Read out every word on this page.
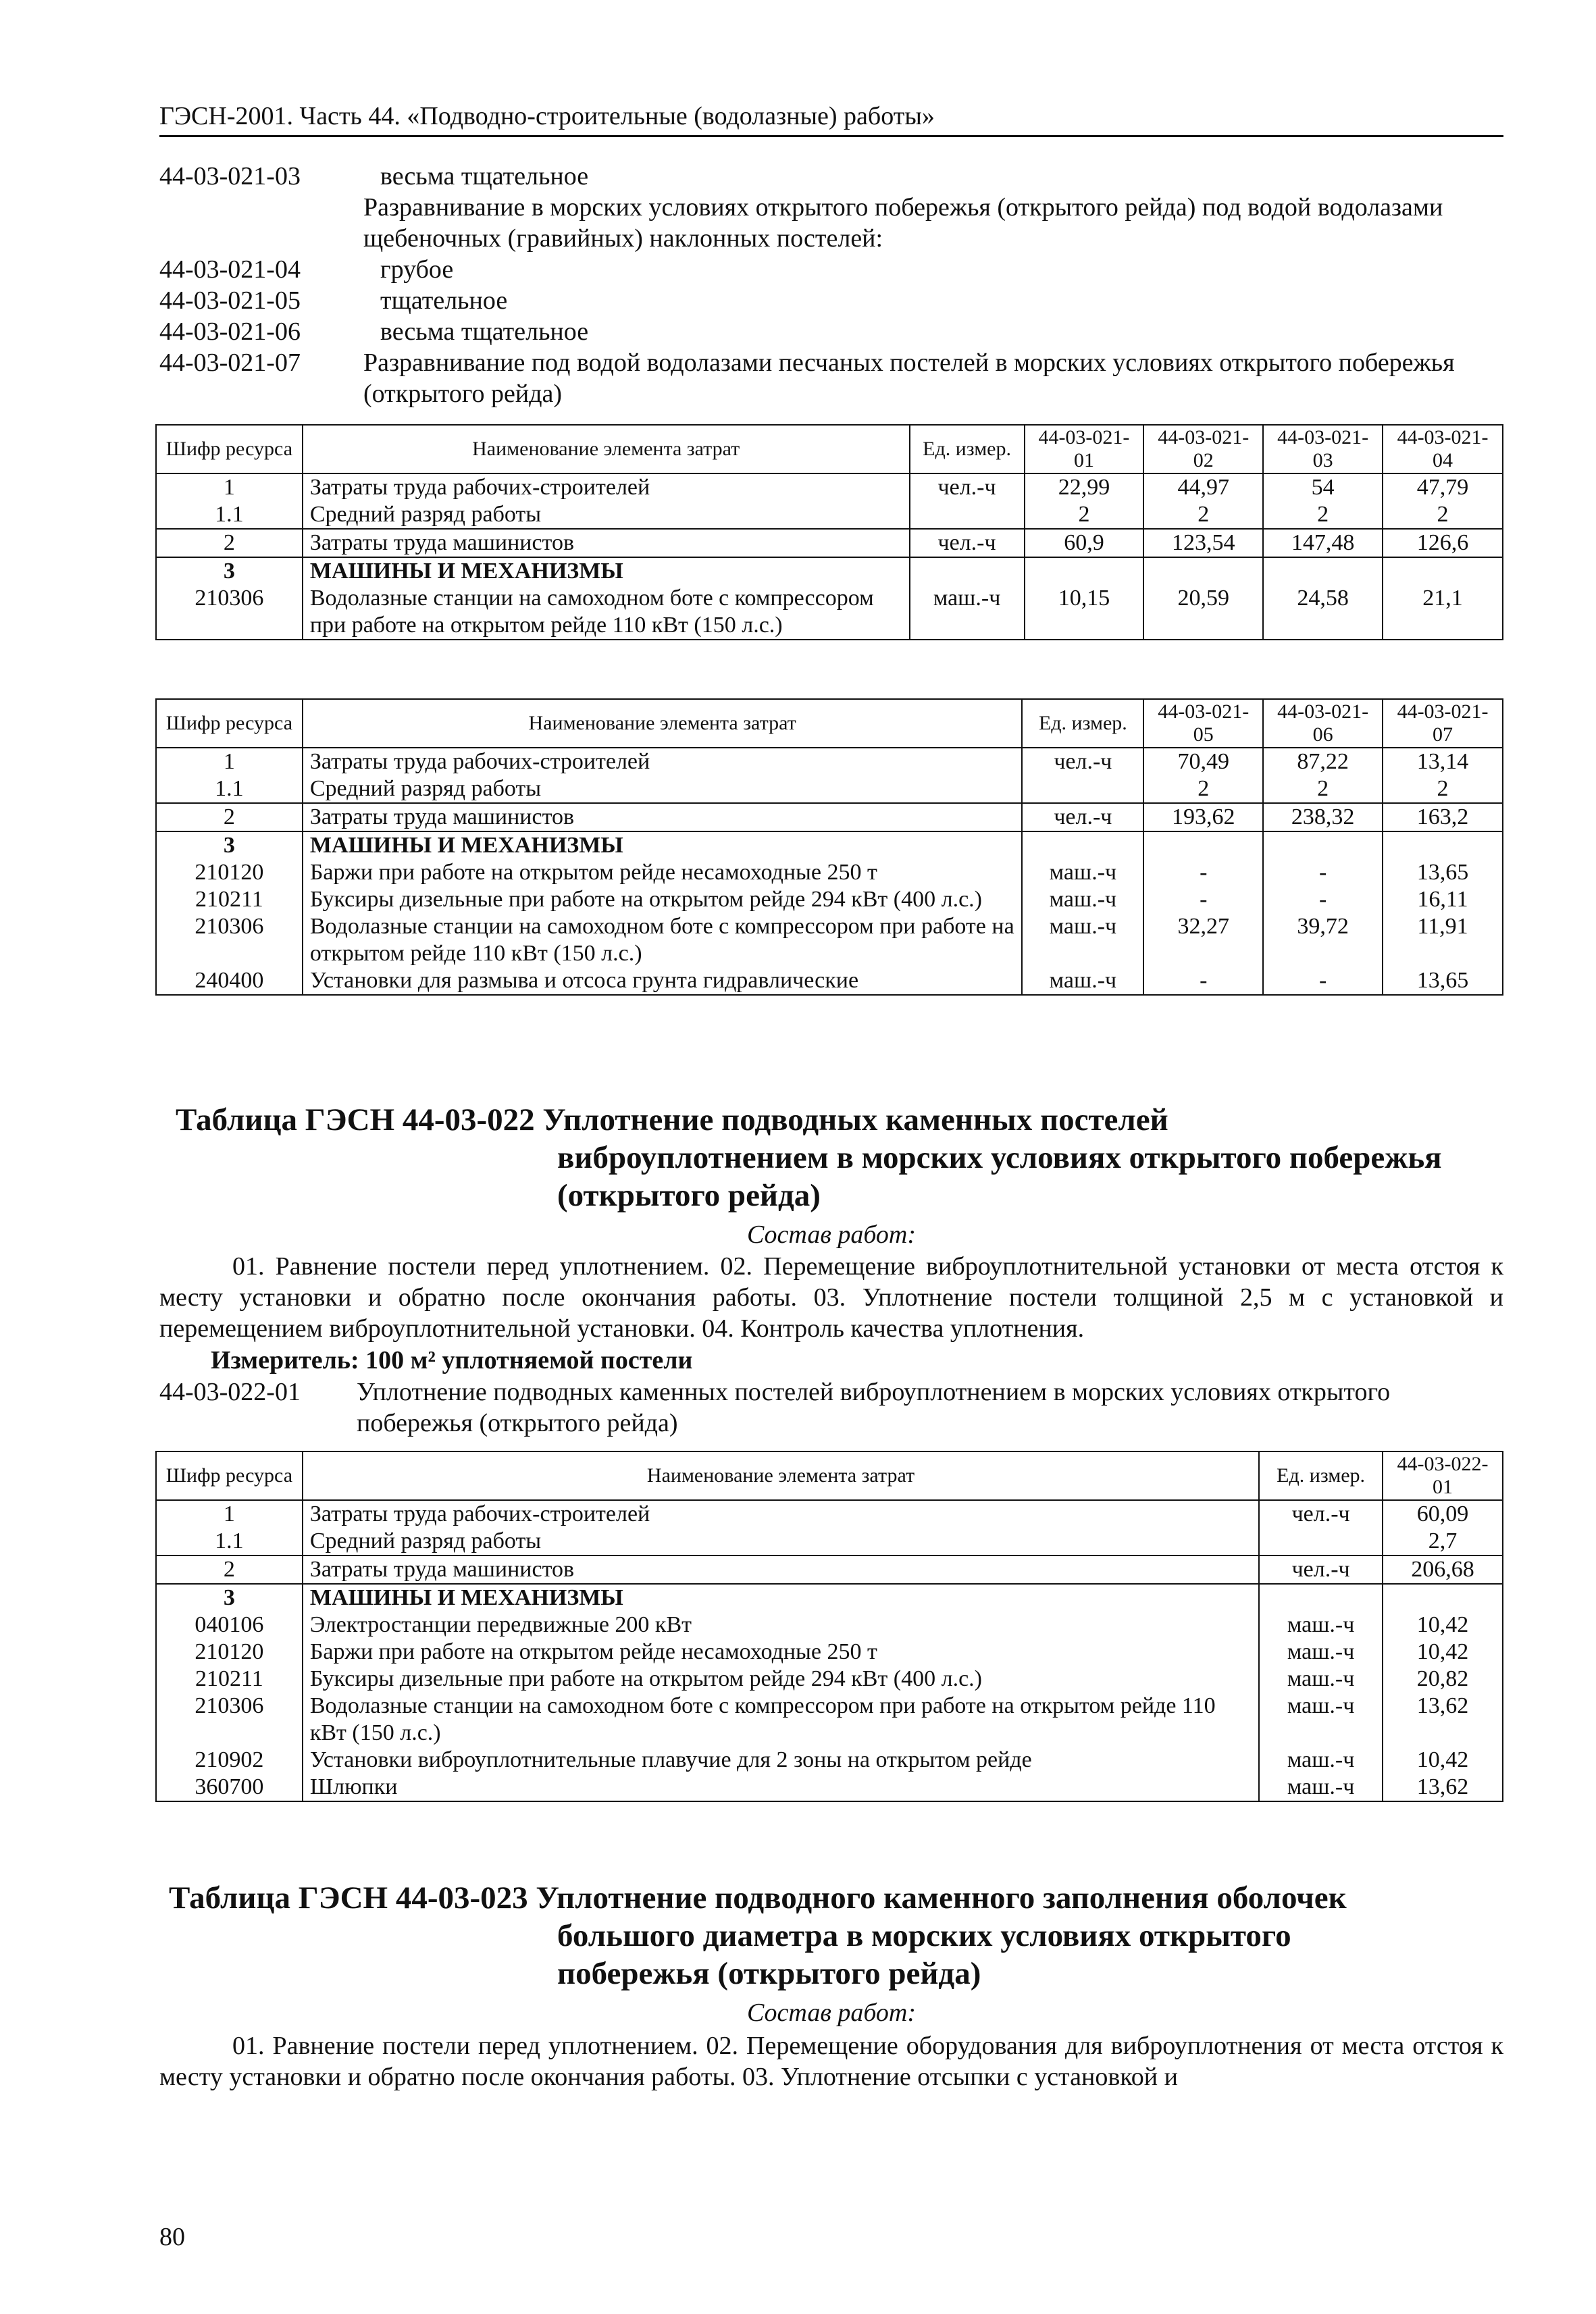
ГЭСН-2001. Часть 44. «Подводно-строительные (водолазные) работы»
44-03-021-03	весьма тщательное
Разравнивание в морских условиях открытого побережья (открытого рейда) под водой водолазами щебеночных (гравийных) наклонных постелей:
44-03-021-04	грубое
44-03-021-05	тщательное
44-03-021-06	весьма тщательное
44-03-021-07	Разравнивание под водой водолазами песчаных постелей в морских условиях открытого побережья (открытого рейда)
Шифр ресурса	Наименование элемента затрат	Ед. измер.	44-03-021-01	44-03-021-02	44-03-021-03	44-03-021-04
1	Затраты труда рабочих-строителей	чел.-ч	22,99	44,97	54	47,79
1.1	Средний разряд работы		2	2	2	2
2	Затраты труда машинистов	чел.-ч	60,9	123,54	147,48	126,6
3	МАШИНЫ И МЕХАНИЗМЫ					
210306	Водолазные станции на самоходном боте с компрессором при работе на открытом рейде 110 кВт (150 л.с.)	маш.-ч	10,15	20,59	24,58	21,1
Шифр ресурса	Наименование элемента затрат	Ед. измер.	44-03-021-05	44-03-021-06	44-03-021-07
1	Затраты труда рабочих-строителей	чел.-ч	70,49	87,22	13,14
1.1	Средний разряд работы		2	2	2
2	Затраты труда машинистов	чел.-ч	193,62	238,32	163,2
3	МАШИНЫ И МЕХАНИЗМЫ				
210120	Баржи при работе на открытом рейде несамоходные 250 т	маш.-ч	-	-	13,65
210211	Буксиры дизельные при работе на открытом рейде 294 кВт (400 л.с.)	маш.-ч	-	-	16,11
210306	Водолазные станции на самоходном боте с компрессором при работе на открытом рейде 110 кВт (150 л.с.)	маш.-ч	32,27	39,72	11,91
240400	Установки для размыва и отсоса грунта гидравлические	маш.-ч	-	-	13,65
Таблица ГЭСН 44-03-022 Уплотнение подводных каменных постелей
виброуплотнением в морских условиях открытого побережья
(открытого рейда)
Состав работ:
01. Равнение постели перед уплотнением. 02. Перемещение виброуплотнительной установки от места отстоя к месту установки и обратно после окончания работы. 03. Уплотнение постели толщиной 2,5 м с установкой и перемещением виброуплотнительной установки. 04. Контроль качества уплотнения.
Измеритель: 100 м² уплотняемой постели
44-03-022-01	Уплотнение подводных каменных постелей виброуплотнением в морских условиях открытого побережья (открытого рейда)
Шифр ресурса	Наименование элемента затрат	Ед. измер.	44-03-022-01
1	Затраты труда рабочих-строителей	чел.-ч	60,09
1.1	Средний разряд работы		2,7
2	Затраты труда машинистов	чел.-ч	206,68
3	МАШИНЫ И МЕХАНИЗМЫ		
040106	Электростанции передвижные 200 кВт	маш.-ч	10,42
210120	Баржи при работе на открытом рейде несамоходные 250 т	маш.-ч	10,42
210211	Буксиры дизельные при работе на открытом рейде 294 кВт (400 л.с.)	маш.-ч	20,82
210306	Водолазные станции на самоходном боте с компрессором при работе на открытом рейде 110 кВт (150 л.с.)	маш.-ч	13,62
210902	Установки виброуплотнительные плавучие для 2 зоны на открытом рейде	маш.-ч	10,42
360700	Шлюпки	маш.-ч	13,62
Таблица ГЭСН 44-03-023 Уплотнение подводного каменного заполнения оболочек
большого диаметра в морских условиях открытого
побережья (открытого рейда)
Состав работ:
01. Равнение постели перед уплотнением. 02. Перемещение оборудования для виброуплотнения от места отстоя к месту установки и обратно после окончания работы. 03. Уплотнение отсыпки с установкой и
80
